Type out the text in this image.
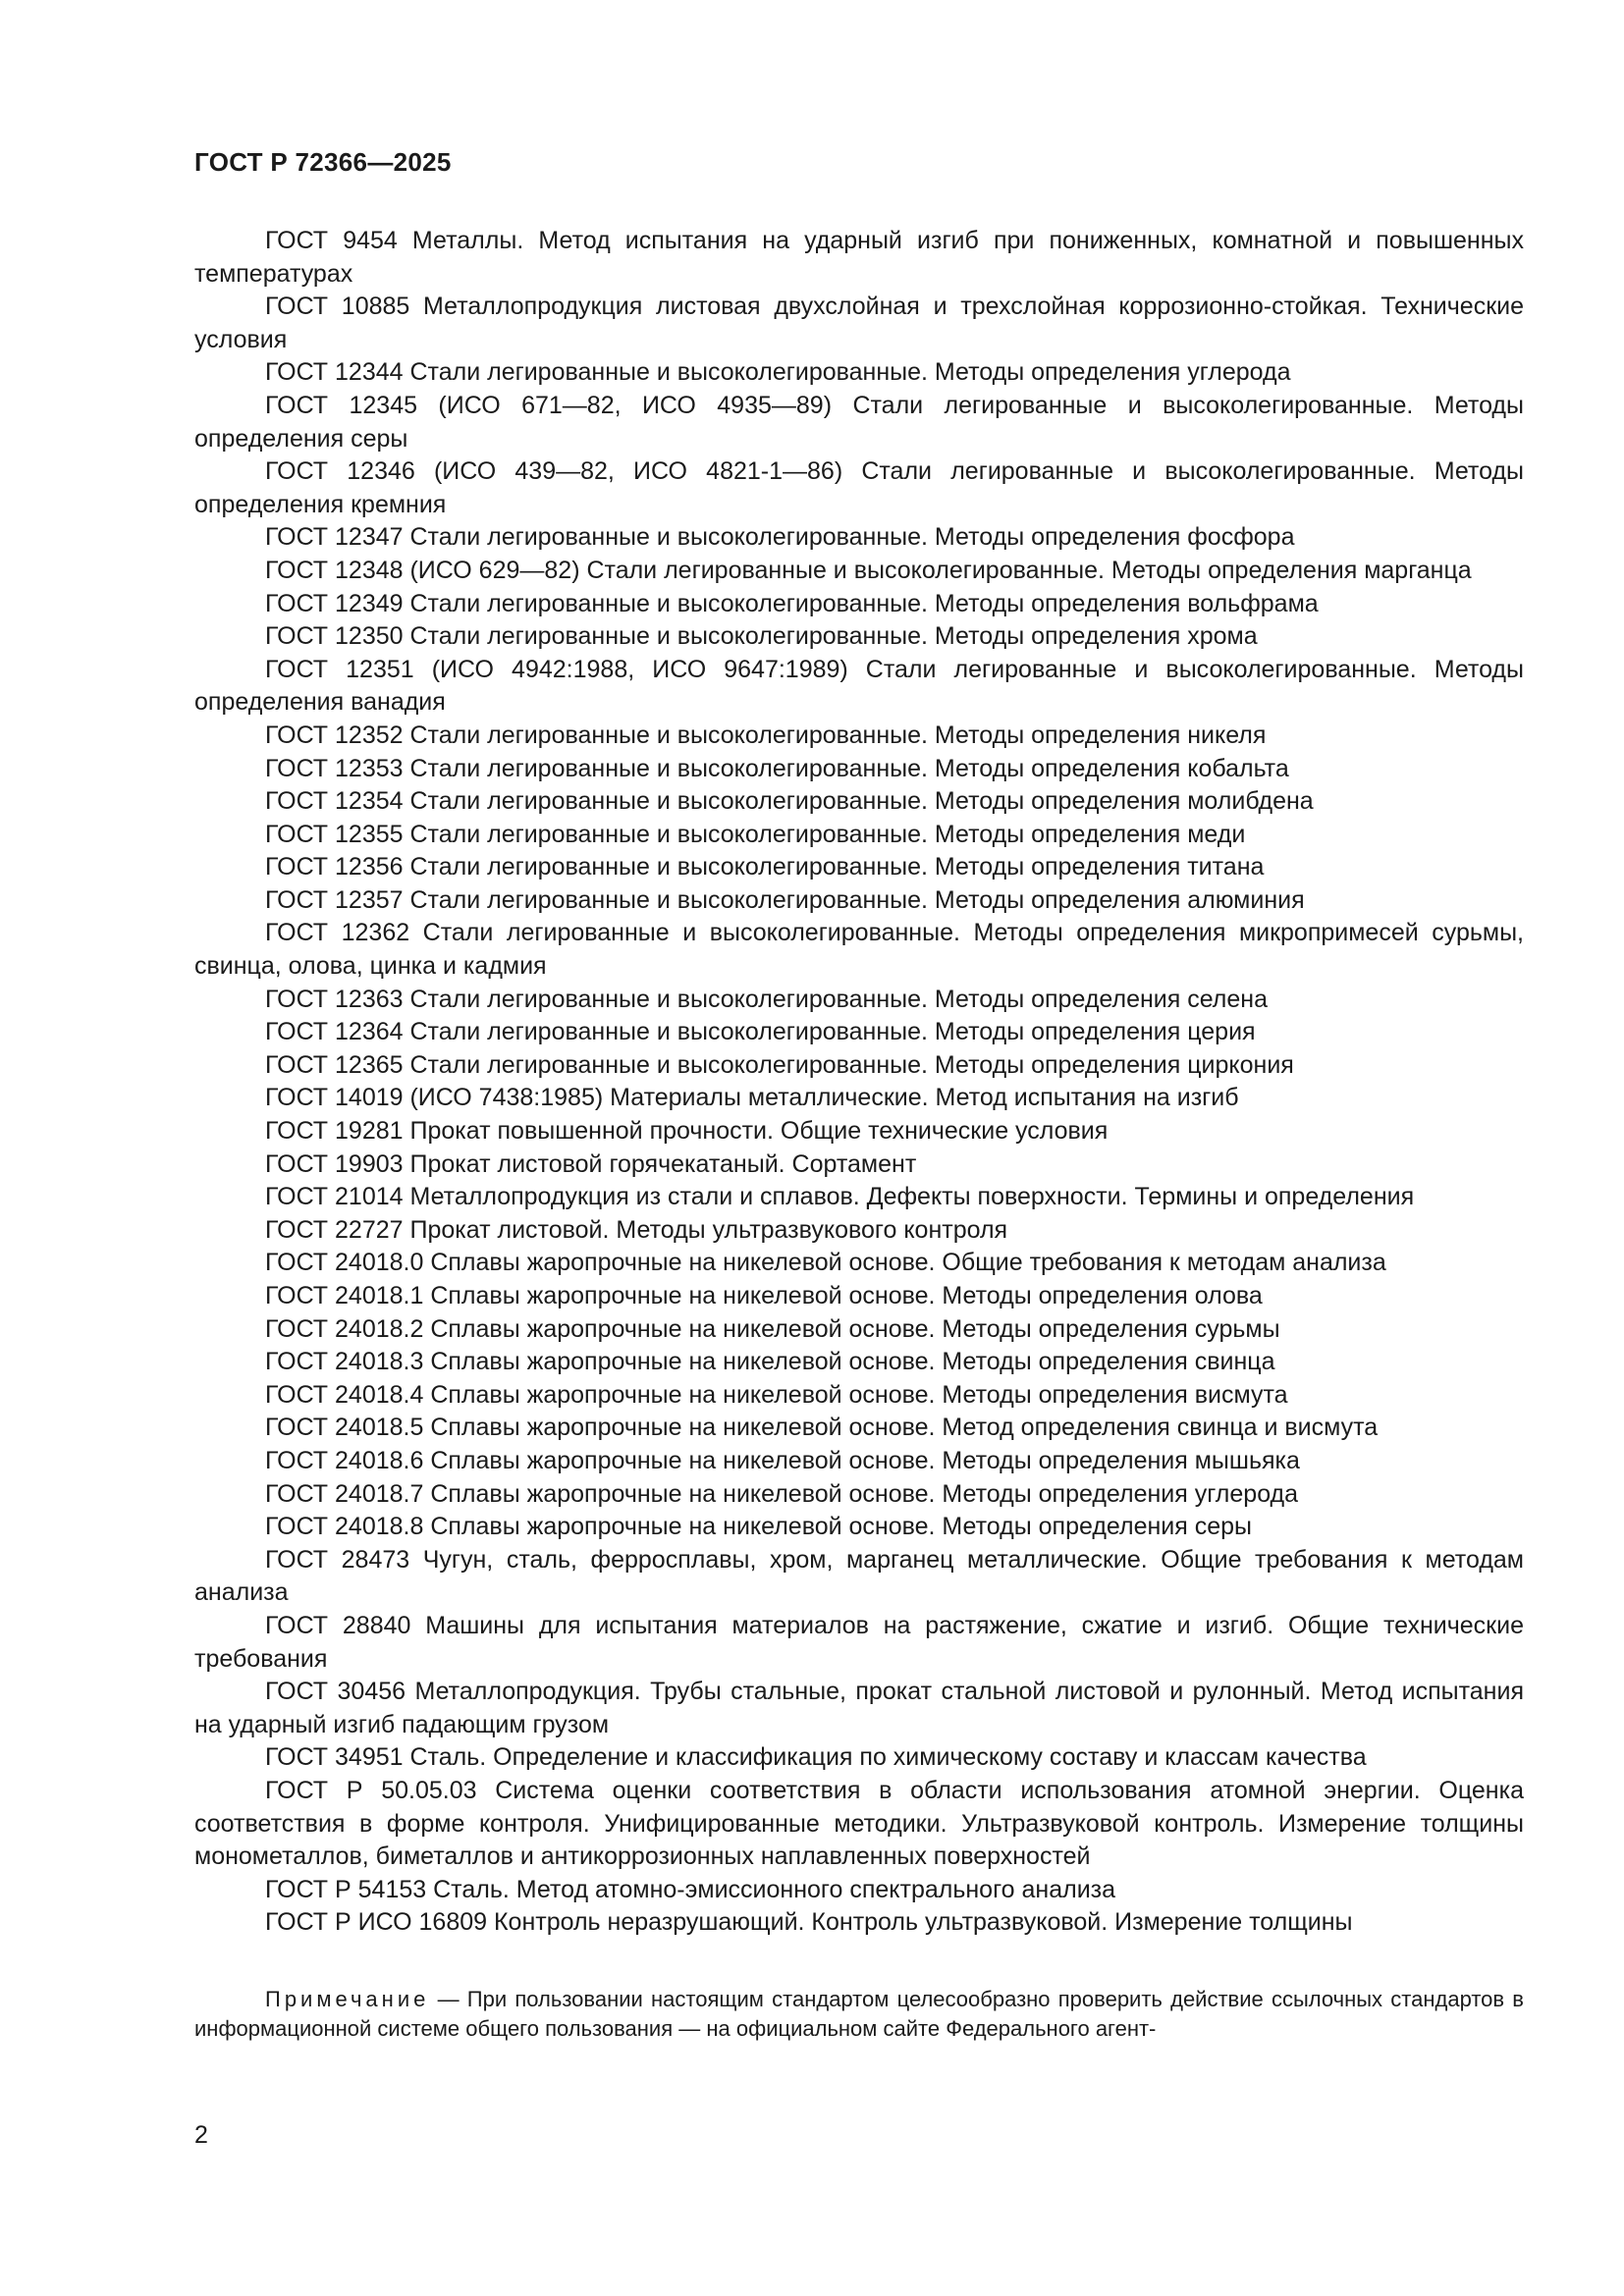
ГОСТ Р 72366—2025
ГОСТ 9454 Металлы. Метод испытания на ударный изгиб при пониженных, комнатной и повышенных температурах
ГОСТ 10885 Металлопродукция листовая двухслойная и трехслойная коррозионно-стойкая. Технические условия
ГОСТ 12344 Стали легированные и высоколегированные. Методы определения углерода
ГОСТ 12345 (ИСО 671—82, ИСО 4935—89) Стали легированные и высоколегированные. Методы определения серы
ГОСТ 12346 (ИСО 439—82, ИСО 4821-1—86) Стали легированные и высоколегированные. Методы определения кремния
ГОСТ 12347 Стали легированные и высоколегированные. Методы определения фосфора
ГОСТ 12348 (ИСО 629—82) Стали легированные и высоколегированные. Методы определения марганца
ГОСТ 12349 Стали легированные и высоколегированные. Методы определения вольфрама
ГОСТ 12350 Стали легированные и высоколегированные. Методы определения хрома
ГОСТ 12351 (ИСО 4942:1988, ИСО 9647:1989) Стали легированные и высоколегированные. Методы определения ванадия
ГОСТ 12352 Стали легированные и высоколегированные. Методы определения никеля
ГОСТ 12353 Стали легированные и высоколегированные. Методы определения кобальта
ГОСТ 12354 Стали легированные и высоколегированные. Методы определения молибдена
ГОСТ 12355 Стали легированные и высоколегированные. Методы определения меди
ГОСТ 12356 Стали легированные и высоколегированные. Методы определения титана
ГОСТ 12357 Стали легированные и высоколегированные. Методы определения алюминия
ГОСТ 12362 Стали легированные и высоколегированные. Методы определения микропримесей сурьмы, свинца, олова, цинка и кадмия
ГОСТ 12363 Стали легированные и высоколегированные. Методы определения селена
ГОСТ 12364 Стали легированные и высоколегированные. Методы определения церия
ГОСТ 12365 Стали легированные и высоколегированные. Методы определения циркония
ГОСТ 14019 (ИСО 7438:1985) Материалы металлические. Метод испытания на изгиб
ГОСТ 19281 Прокат повышенной прочности. Общие технические условия
ГОСТ 19903 Прокат листовой горячекатаный. Сортамент
ГОСТ 21014 Металлопродукция из стали и сплавов. Дефекты поверхности. Термины и определения
ГОСТ 22727 Прокат листовой. Методы ультразвукового контроля
ГОСТ 24018.0 Сплавы жаропрочные на никелевой основе. Общие требования к методам анализа
ГОСТ 24018.1 Сплавы жаропрочные на никелевой основе. Методы определения олова
ГОСТ 24018.2 Сплавы жаропрочные на никелевой основе. Методы определения сурьмы
ГОСТ 24018.3 Сплавы жаропрочные на никелевой основе. Методы определения свинца
ГОСТ 24018.4 Сплавы жаропрочные на никелевой основе. Методы определения висмута
ГОСТ 24018.5 Сплавы жаропрочные на никелевой основе. Метод определения свинца и висмута
ГОСТ 24018.6 Сплавы жаропрочные на никелевой основе. Методы определения мышьяка
ГОСТ 24018.7 Сплавы жаропрочные на никелевой основе. Методы определения углерода
ГОСТ 24018.8 Сплавы жаропрочные на никелевой основе. Методы определения серы
ГОСТ 28473 Чугун, сталь, ферросплавы, хром, марганец металлические. Общие требования к методам анализа
ГОСТ 28840 Машины для испытания материалов на растяжение, сжатие и изгиб. Общие технические требования
ГОСТ 30456 Металлопродукция. Трубы стальные, прокат стальной листовой и рулонный. Метод испытания на ударный изгиб падающим грузом
ГОСТ 34951 Сталь. Определение и классификация по химическому составу и классам качества
ГОСТ Р 50.05.03 Система оценки соответствия в области использования атомной энергии. Оценка соответствия в форме контроля. Унифицированные методики. Ультразвуковой контроль. Измерение толщины монометаллов, биметаллов и антикоррозионных наплавленных поверхностей
ГОСТ Р 54153 Сталь. Метод атомно-эмиссионного спектрального анализа
ГОСТ Р ИСО 16809 Контроль неразрушающий. Контроль ультразвуковой. Измерение толщины

Примечание — При пользовании настоящим стандартом целесообразно проверить действие ссылочных стандартов в информационной системе общего пользования — на официальном сайте Федерального агент-

2
